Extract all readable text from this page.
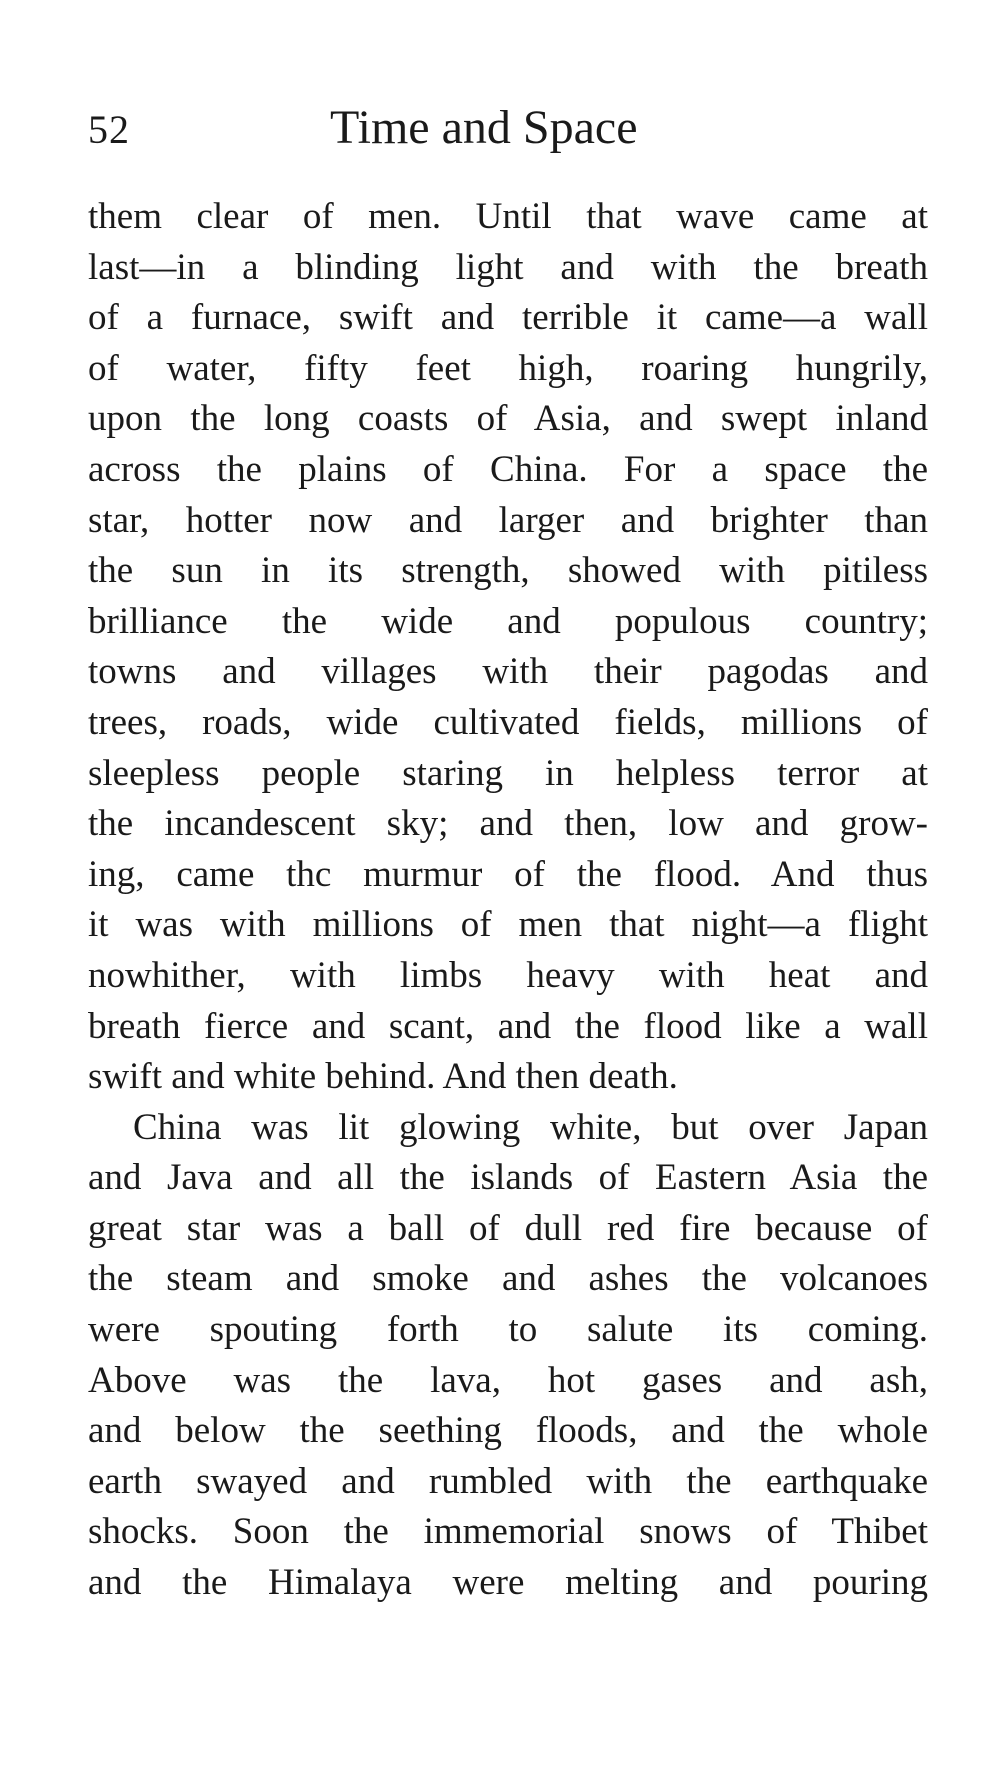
52	Time and Space

them clear of men. Until that wave came at
last—in a blinding light and with the breath
of a furnace, swift and terrible it came—a wall
of water, fifty feet high, roaring hungrily,
upon the long coasts of Asia, and swept inland
across the plains of China. For a space the
star, hotter now and larger and brighter than
the sun in its strength, showed with pitiless
brilliance the wide and populous country;
towns and villages with their pagodas and
trees, roads, wide cultivated fields, millions of
sleepless people staring in helpless terror at
the incandescent sky; and then, low and grow-
ing, came thc murmur of the flood. And thus
it was with millions of men that night—a flight
nowhither, with limbs heavy with heat and
breath fierce and scant, and the flood like a wall
swift and white behind. And then death.

China was lit glowing white, but over Japan
and Java and all the islands of Eastern Asia the
great star was a ball of dull red fire because of
the steam and smoke and ashes the volcanoes
were spouting forth to salute its coming.
Above was the lava, hot gases and ash,
and below the seething floods, and the whole
earth swayed and rumbled with the earthquake
shocks. Soon the immemorial snows of Thibet
and the Himalaya were melting and pouring
